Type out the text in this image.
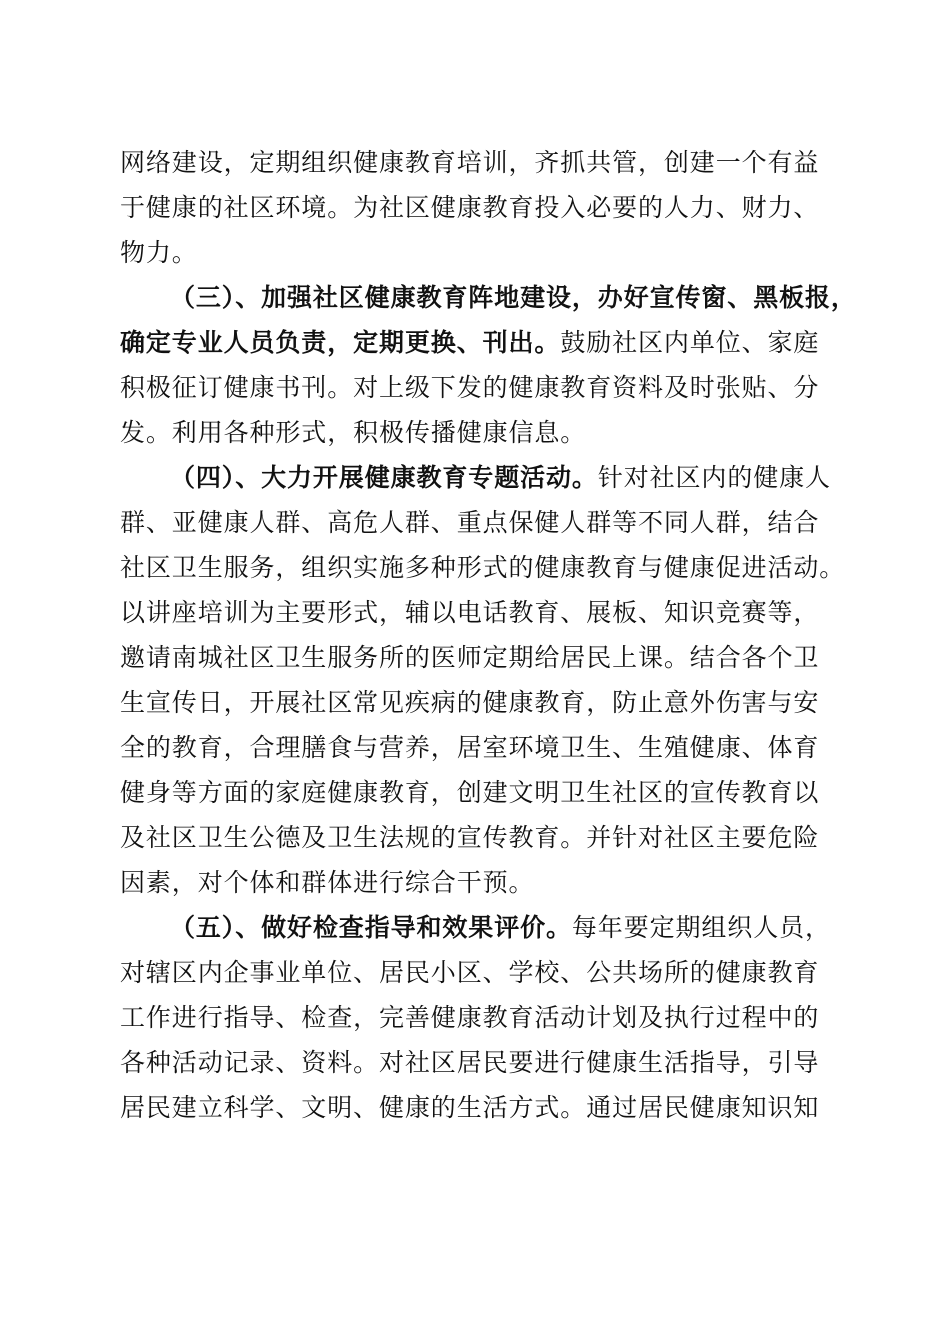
网络建设，定期组织健康教育培训，齐抓共管，创建一个有益
于健康的社区环境。为社区健康教育投入必要的人力、财力、
物力。
（三）、加强社区健康教育阵地建设，办好宣传窗、黑板报，
确定专业人员负责，定期更换、刊出。鼓励社区内单位、家庭
积极征订健康书刊。对上级下发的健康教育资料及时张贴、分
发。利用各种形式，积极传播健康信息。
（四）、大力开展健康教育专题活动。针对社区内的健康人
群、亚健康人群、高危人群、重点保健人群等不同人群，结合
社区卫生服务，组织实施多种形式的健康教育与健康促进活动。
以讲座培训为主要形式，辅以电话教育、展板、知识竞赛等，
邀请南城社区卫生服务所的医师定期给居民上课。结合各个卫
生宣传日，开展社区常见疾病的健康教育，防止意外伤害与安
全的教育，合理膳食与营养，居室环境卫生、生殖健康、体育
健身等方面的家庭健康教育，创建文明卫生社区的宣传教育以
及社区卫生公德及卫生法规的宣传教育。并针对社区主要危险
因素，对个体和群体进行综合干预。
（五）、做好检查指导和效果评价。每年要定期组织人员，
对辖区内企事业单位、居民小区、学校、公共场所的健康教育
工作进行指导、检查，完善健康教育活动计划及执行过程中的
各种活动记录、资料。对社区居民要进行健康生活指导，引导
居民建立科学、文明、健康的生活方式。通过居民健康知识知
